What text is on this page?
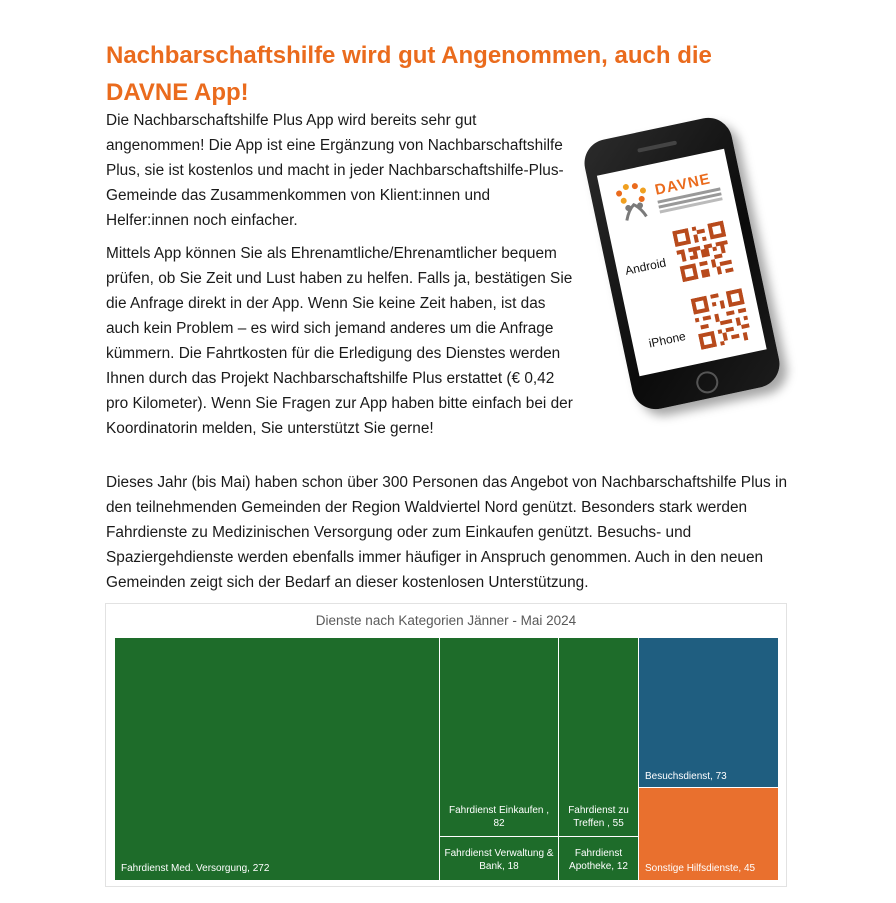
Nachbarschaftshilfe wird gut Angenommen, auch die DAVNE App!

Die Nachbarschaftshilfe Plus App wird bereits sehr gut angenommen! Die App ist eine Ergänzung von Nachbarschaftshilfe Plus, sie ist kostenlos und macht in jeder Nachbarschaftshilfe-Plus-Gemeinde das Zusammenkommen von Klient:innen und Helfer:innen noch einfacher.

Mittels App können Sie als Ehrenamtliche/Ehrenamtlicher bequem prüfen, ob Sie Zeit und Lust haben zu helfen. Falls ja, bestätigen Sie die Anfrage direkt in der App. Wenn Sie keine Zeit haben, ist das auch kein Problem – es wird sich jemand anderes um die Anfrage kümmern. Die Fahrtkosten für die Erledigung des Dienstes werden Ihnen durch das Projekt Nachbarschaftshilfe Plus erstattet (€ 0,42 pro Kilometer). Wenn Sie Fragen zur App haben bitte einfach bei der Koordinatorin melden, Sie unterstützt Sie gerne!

DAVNE
Android
iPhone

Dieses Jahr (bis Mai) haben schon über 300 Personen das Angebot von Nachbarschaftshilfe Plus in den teilnehmenden Gemeinden der Region Waldviertel Nord genützt. Besonders stark werden Fahrdienste zu Medizinischen Versorgung oder zum Einkaufen genützt. Besuchs- und Spaziergehdienste werden ebenfalls immer häufiger in Anspruch genommen. Auch in den neuen Gemeinden zeigt sich der Bedarf an dieser kostenlosen Unterstützung.

Dienste nach Kategorien Jänner - Mai 2024
Fahrdienst Med. Versorgung, 272
Fahrdienst Einkaufen , 82
Fahrdienst zu Treffen , 55
Fahrdienst Verwaltung & Bank, 18
Fahrdienst Apotheke, 12
Besuchsdienst, 73
Sonstige Hilfsdienste, 45
